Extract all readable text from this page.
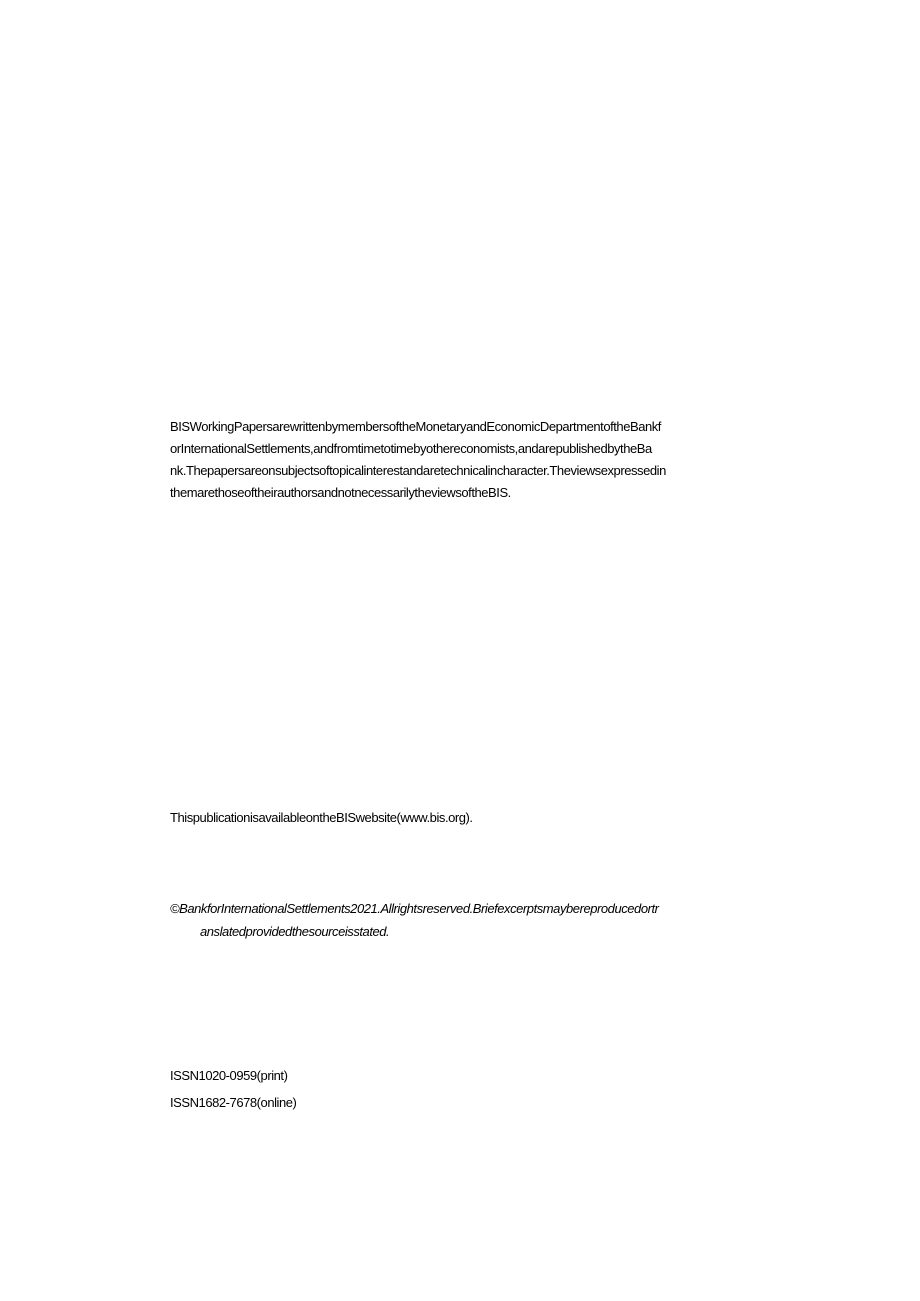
BISWorkingPapersarewrittenbymembersoftheMonetaryandEconomicDepartmentoftheBankf
orInternationalSettlements,andfromtimetotimebyothereconomists,andarepublishedbytheBa
nk.Thepapersareonsubjectsoftopicalinterestandaretechnicalincharacter.Theviewsexpressedin
themarethoseoftheirauthorsandnotnecessarilytheviewsoftheBIS.
ThispublicationisavailableontheBISwebsite(www.bis.org).
©BankforInternationalSettlements2021.Allrightsreserved.Briefexcerptsmaybereproducedortr
anslatedprovidedthesourceisstated.
ISSN1020-0959(print)
ISSN1682-7678(online)
